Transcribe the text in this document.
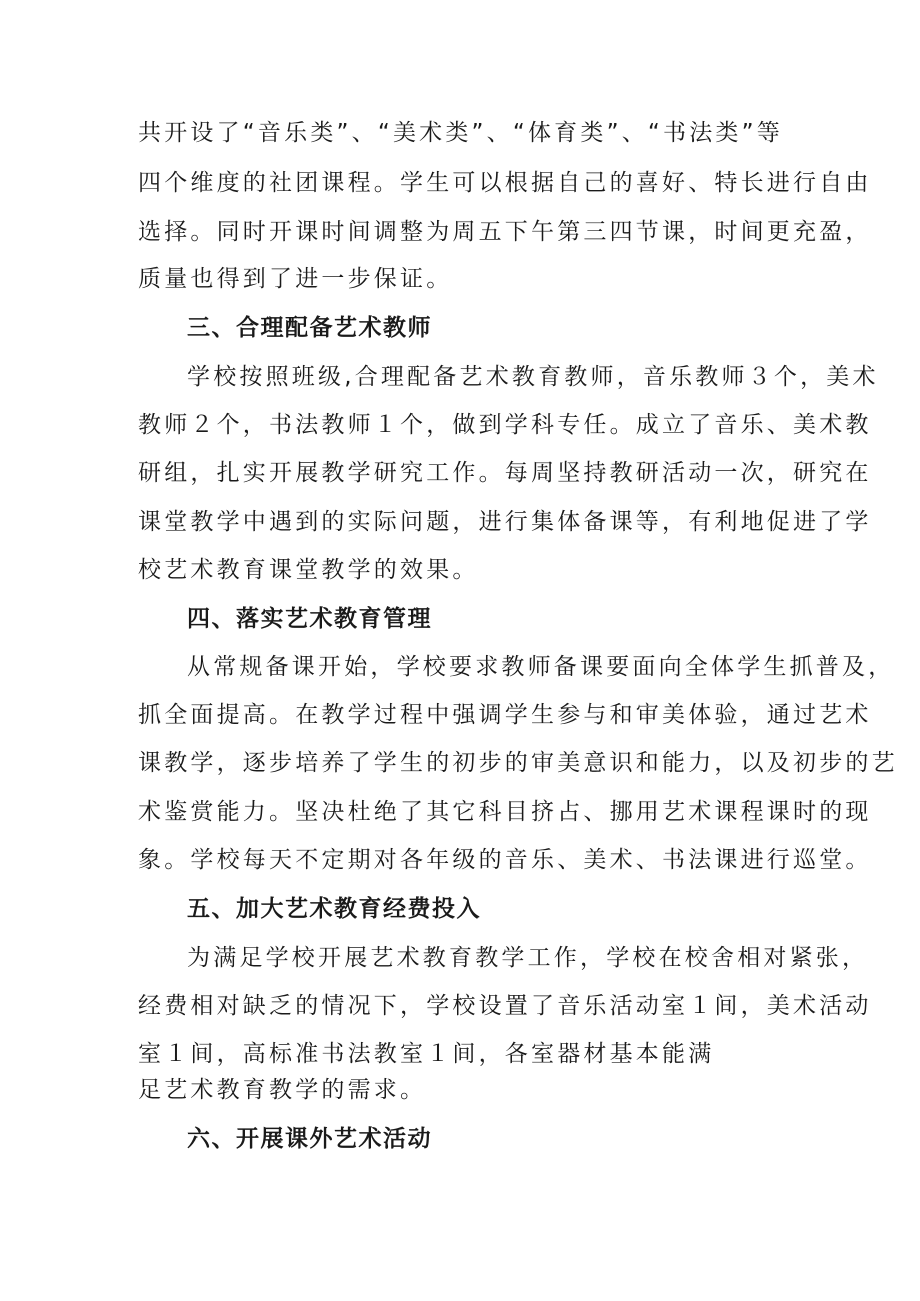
共开设了“音乐类”、“美术类”、“体育类”、“书法类”等
四个维度的社团课程。学生可以根据自己的喜好、特长进行自由
选择。同时开课时间调整为周五下午第三四节课，时间更充盈，
质量也得到了进一步保证。
三、合理配备艺术教师
学校按照班级,合理配备艺术教育教师，音乐教师３个，美术
教师２个，书法教师１个，做到学科专任。成立了音乐、美术教
研组，扎实开展教学研究工作。每周坚持教研活动一次，研究在
课堂教学中遇到的实际问题，进行集体备课等，有利地促进了学
校艺术教育课堂教学的效果。
四、落实艺术教育管理
从常规备课开始，学校要求教师备课要面向全体学生抓普及，
抓全面提高。在教学过程中强调学生参与和审美体验，通过艺术
课教学，逐步培养了学生的初步的审美意识和能力，以及初步的艺
术鉴赏能力。坚决杜绝了其它科目挤占、挪用艺术课程课时的现
象。学校每天不定期对各年级的音乐、美术、书法课进行巡堂。
五、加大艺术教育经费投入
为满足学校开展艺术教育教学工作，学校在校舍相对紧张，
经费相对缺乏的情况下，学校设置了音乐活动室１间，美术活动
室１间，高标准书法教室１间，各室器材基本能满
足艺术教育教学的需求。
六、开展课外艺术活动
